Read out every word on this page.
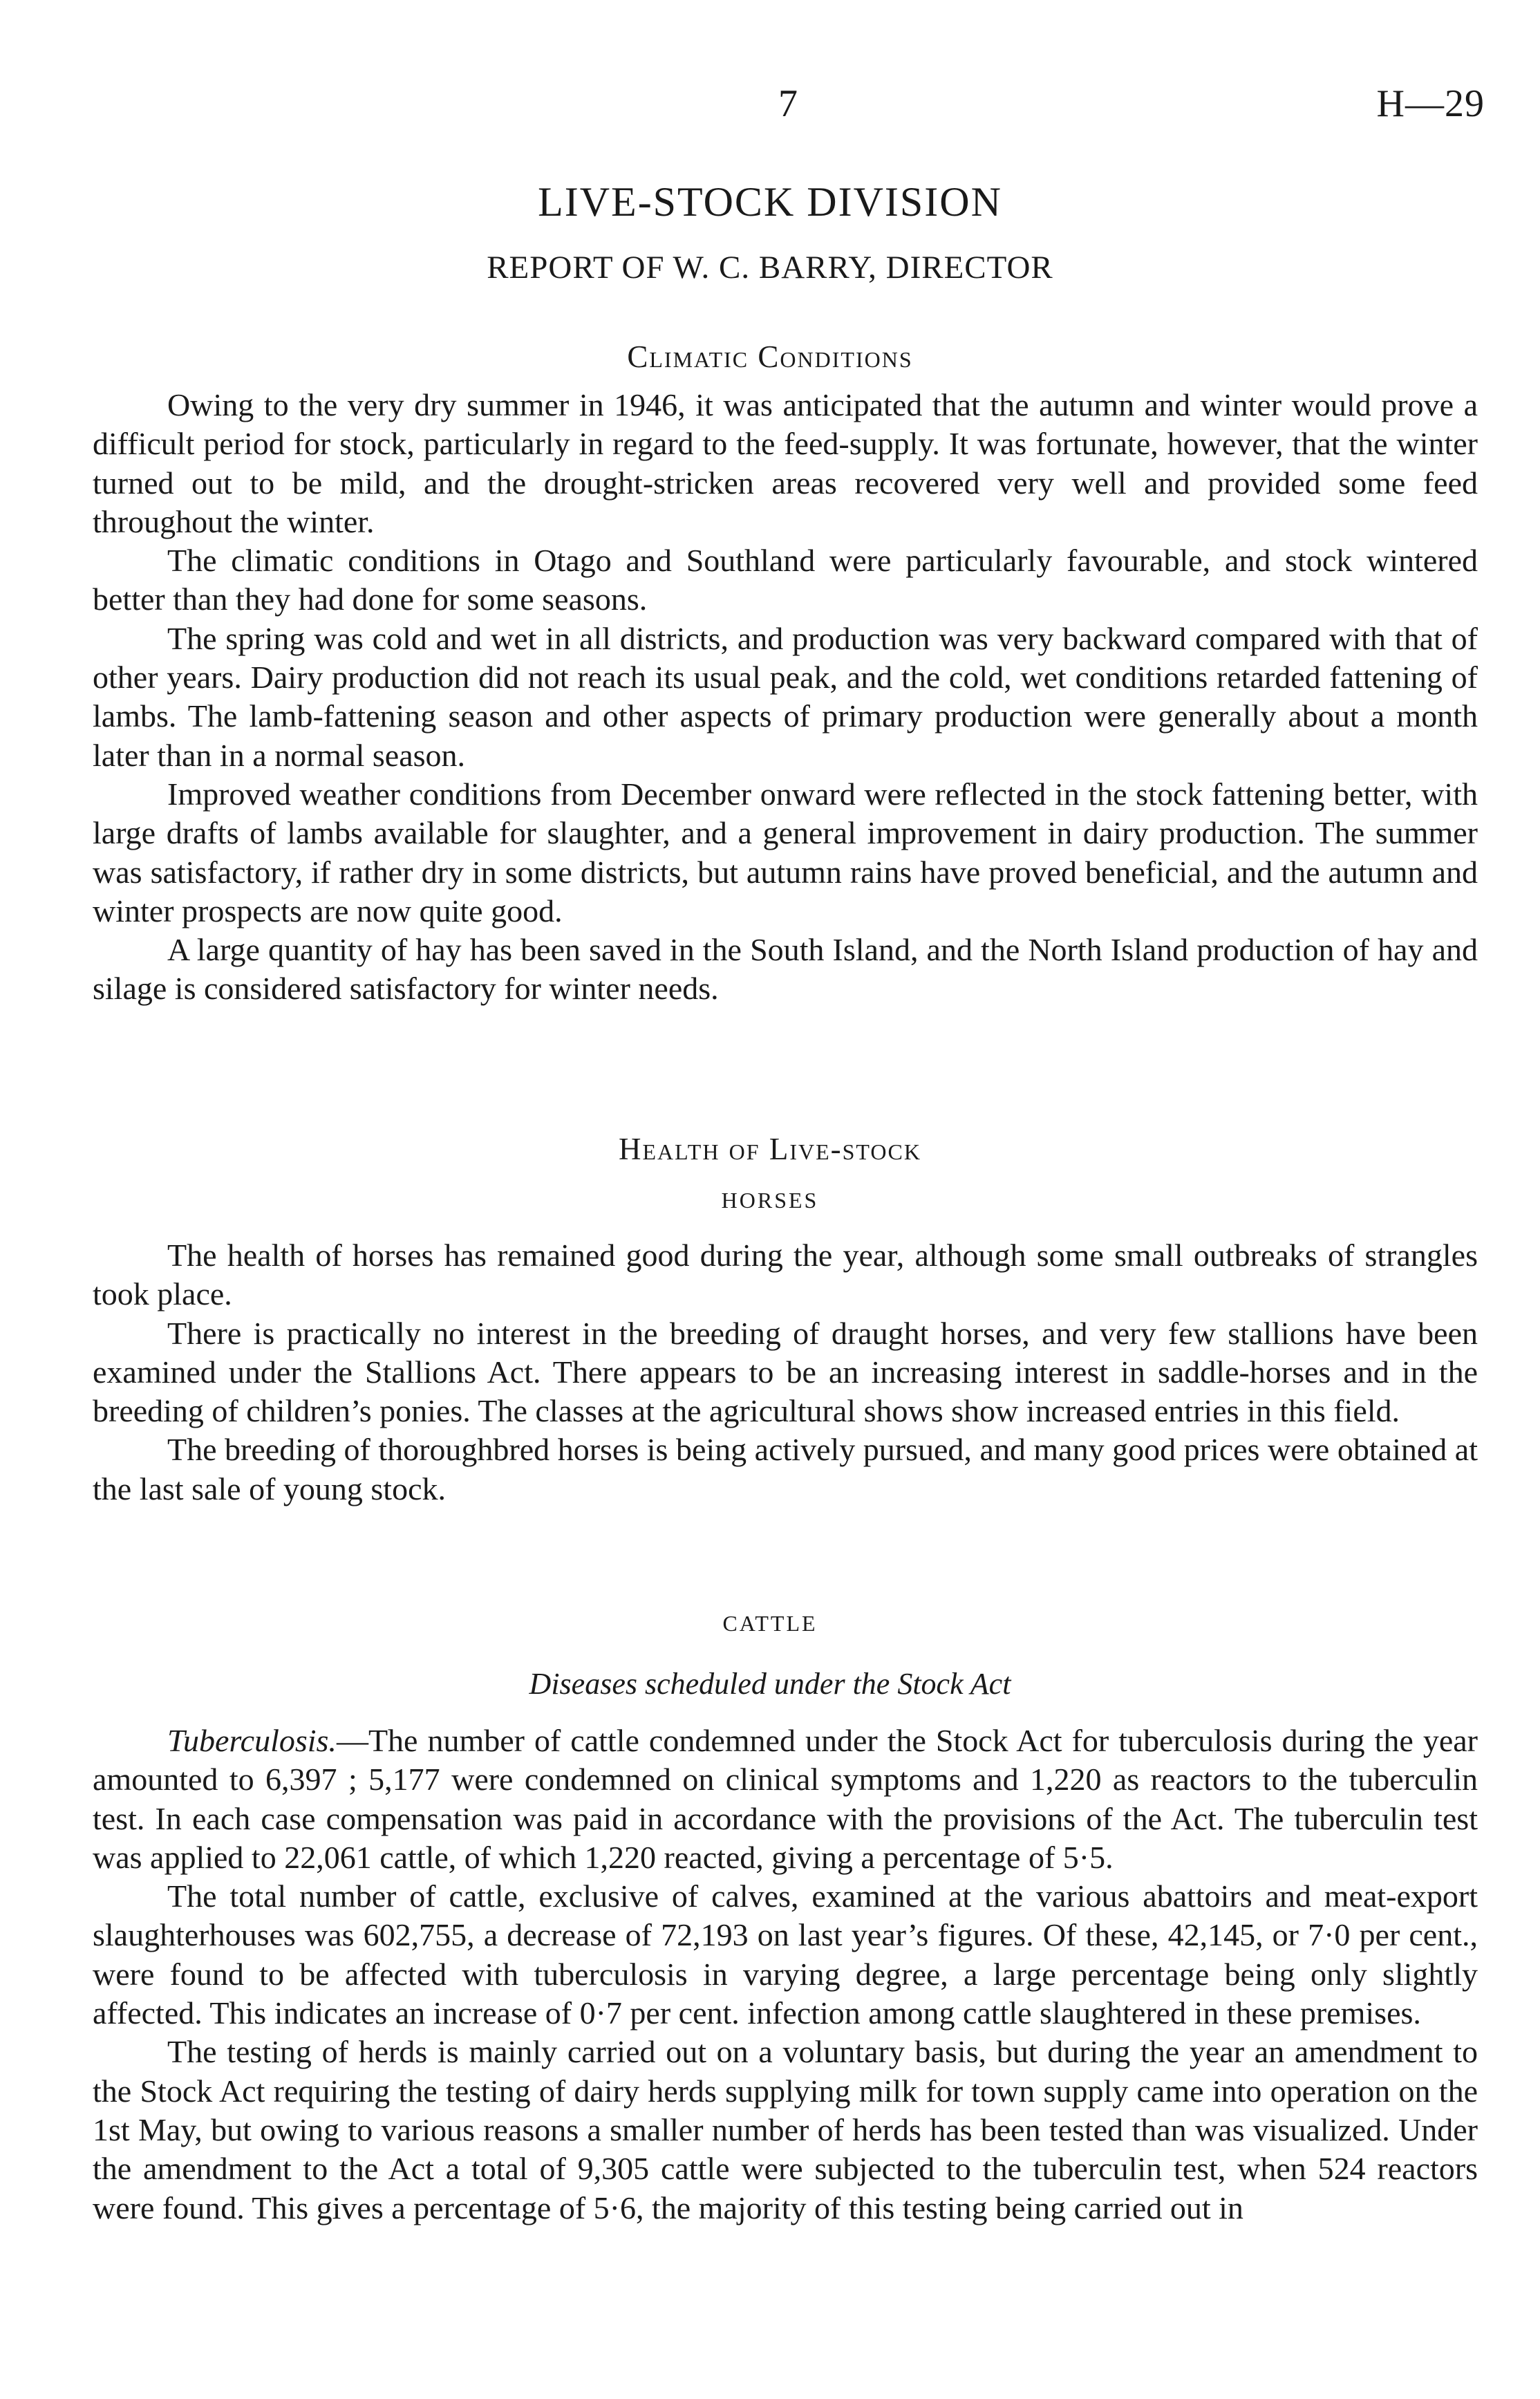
7	H—29
LIVE-STOCK DIVISION
REPORT OF W. C. BARRY, DIRECTOR
Climatic Conditions

Owing to the very dry summer in 1946, it was anticipated that the autumn and winter would prove a difficult period for stock, particularly in regard to the feed-supply. It was fortunate, however, that the winter turned out to be mild, and the drought-stricken areas recovered very well and provided some feed throughout the winter.

The climatic conditions in Otago and Southland were particularly favourable, and stock wintered better than they had done for some seasons.

The spring was cold and wet in all districts, and production was very backward compared with that of other years. Dairy production did not reach its usual peak, and the cold, wet conditions retarded fattening of lambs. The lamb-fattening season and other aspects of primary production were generally about a month later than in a normal season.

Improved weather conditions from December onward were reflected in the stock fattening better, with large drafts of lambs available for slaughter, and a general improvement in dairy production. The summer was satisfactory, if rather dry in some districts, but autumn rains have proved beneficial, and the autumn and winter prospects are now quite good.

A large quantity of hay has been saved in the South Island, and the North Island production of hay and silage is considered satisfactory for winter needs.

Health of Live-stock
HORSES

The health of horses has remained good during the year, although some small outbreaks of strangles took place.

There is practically no interest in the breeding of draught horses, and very few stallions have been examined under the Stallions Act. There appears to be an increasing interest in saddle-horses and in the breeding of children’s ponies. The classes at the agricultural shows show increased entries in this field.

The breeding of thoroughbred horses is being actively pursued, and many good prices were obtained at the last sale of young stock.

CATTLE
Diseases scheduled under the Stock Act

Tuberculosis.—The number of cattle condemned under the Stock Act for tuberculosis during the year amounted to 6,397 ; 5,177 were condemned on clinical symptoms and 1,220 as reactors to the tuberculin test. In each case compensation was paid in accordance with the provisions of the Act. The tuberculin test was applied to 22,061 cattle, of which 1,220 reacted, giving a percentage of 5·5.

The total number of cattle, exclusive of calves, examined at the various abattoirs and meat-export slaughterhouses was 602,755, a decrease of 72,193 on last year’s figures. Of these, 42,145, or 7·0 per cent., were found to be affected with tuberculosis in varying degree, a large percentage being only slightly affected. This indicates an increase of 0·7 per cent. infection among cattle slaughtered in these premises.

The testing of herds is mainly carried out on a voluntary basis, but during the year an amendment to the Stock Act requiring the testing of dairy herds supplying milk for town supply came into operation on the 1st May, but owing to various reasons a smaller number of herds has been tested than was visualized. Under the amendment to the Act a total of 9,305 cattle were subjected to the tuberculin test, when 524 reactors were found. This gives a percentage of 5·6, the majority of this testing being carried out in
